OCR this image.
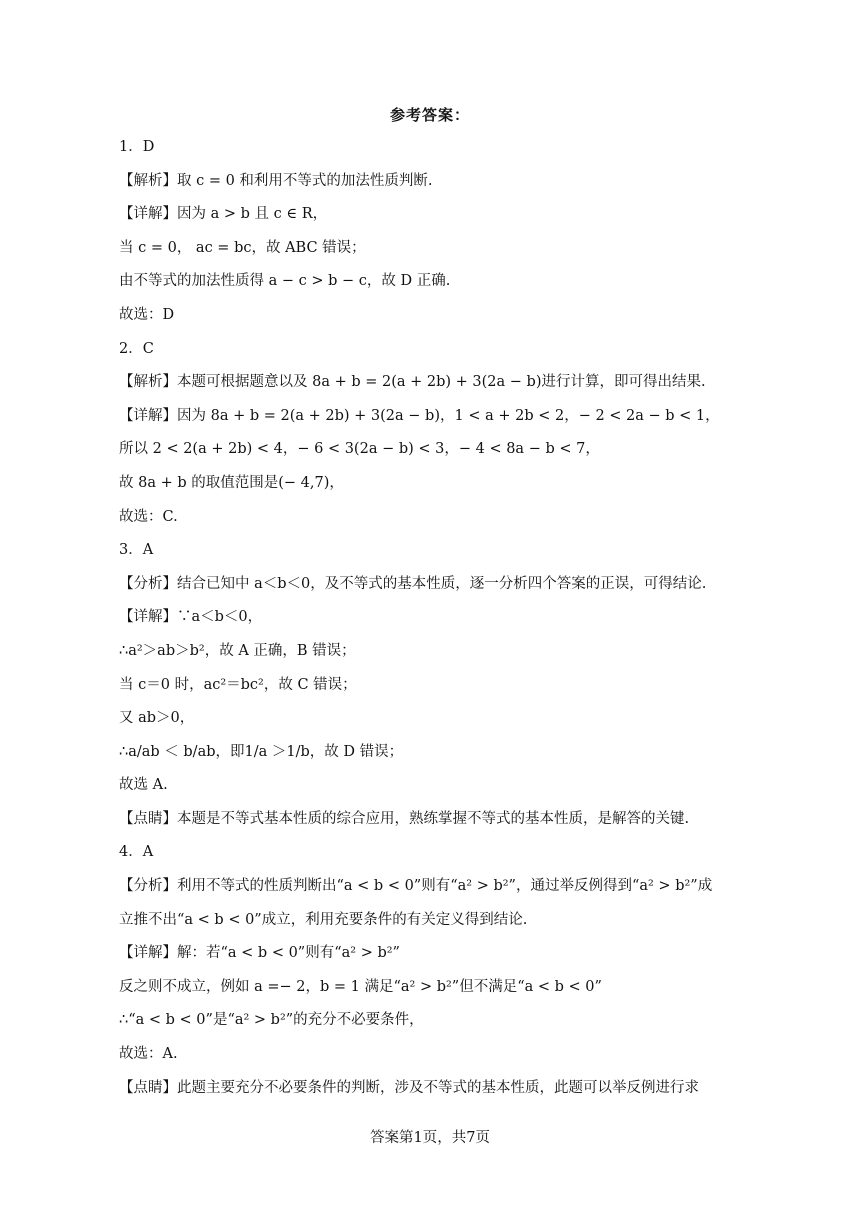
参考答案：
1．D
【解析】取 c = 0 和利用不等式的加法性质判断.
【详解】因为 a > b 且 c ∈ R，
当 c = 0， ac = bc，故 ABC 错误；
由不等式的加法性质得 a − c > b − c，故 D 正确.
故选：D
2．C
【解析】本题可根据题意以及 8a + b = 2(a + 2b) + 3(2a − b)进行计算，即可得出结果.
【详解】因为 8a + b = 2(a + 2b) + 3(2a − b)，1 < a + 2b < 2，− 2 < 2a − b < 1，
所以 2 < 2(a + 2b) < 4，− 6 < 3(2a − b) < 3，− 4 < 8a − b < 7，
故 8a + b 的取值范围是(− 4,7)，
故选：C.
3．A
【分析】结合已知中 a＜b＜0，及不等式的基本性质，逐一分析四个答案的正误，可得结论.
【详解】∵a＜b＜0，
∴a²＞ab＞b²，故 A 正确，B 错误；
当 c＝0 时，ac²＝bc²，故 C 错误；
又 ab＞0，
∴a/ab ＜ b/ab，即1/a ＞1/b，故 D 错误；
故选 A.
【点睛】本题是不等式基本性质的综合应用，熟练掌握不等式的基本性质，是解答的关键.
4．A
【分析】利用不等式的性质判断出“a < b < 0”则有“a² > b²”，通过举反例得到“a² > b²”成
立推不出“a < b < 0”成立，利用充要条件的有关定义得到结论.
【详解】解：若“a < b < 0”则有“a² > b²”
反之则不成立，例如 a =− 2，b = 1 满足“a² > b²”但不满足“a < b < 0”
∴“a < b < 0”是“a² > b²”的充分不必要条件，
故选：A.
【点睛】此题主要充分不必要条件的判断，涉及不等式的基本性质，此题可以举反例进行求
答案第1页，共7页
